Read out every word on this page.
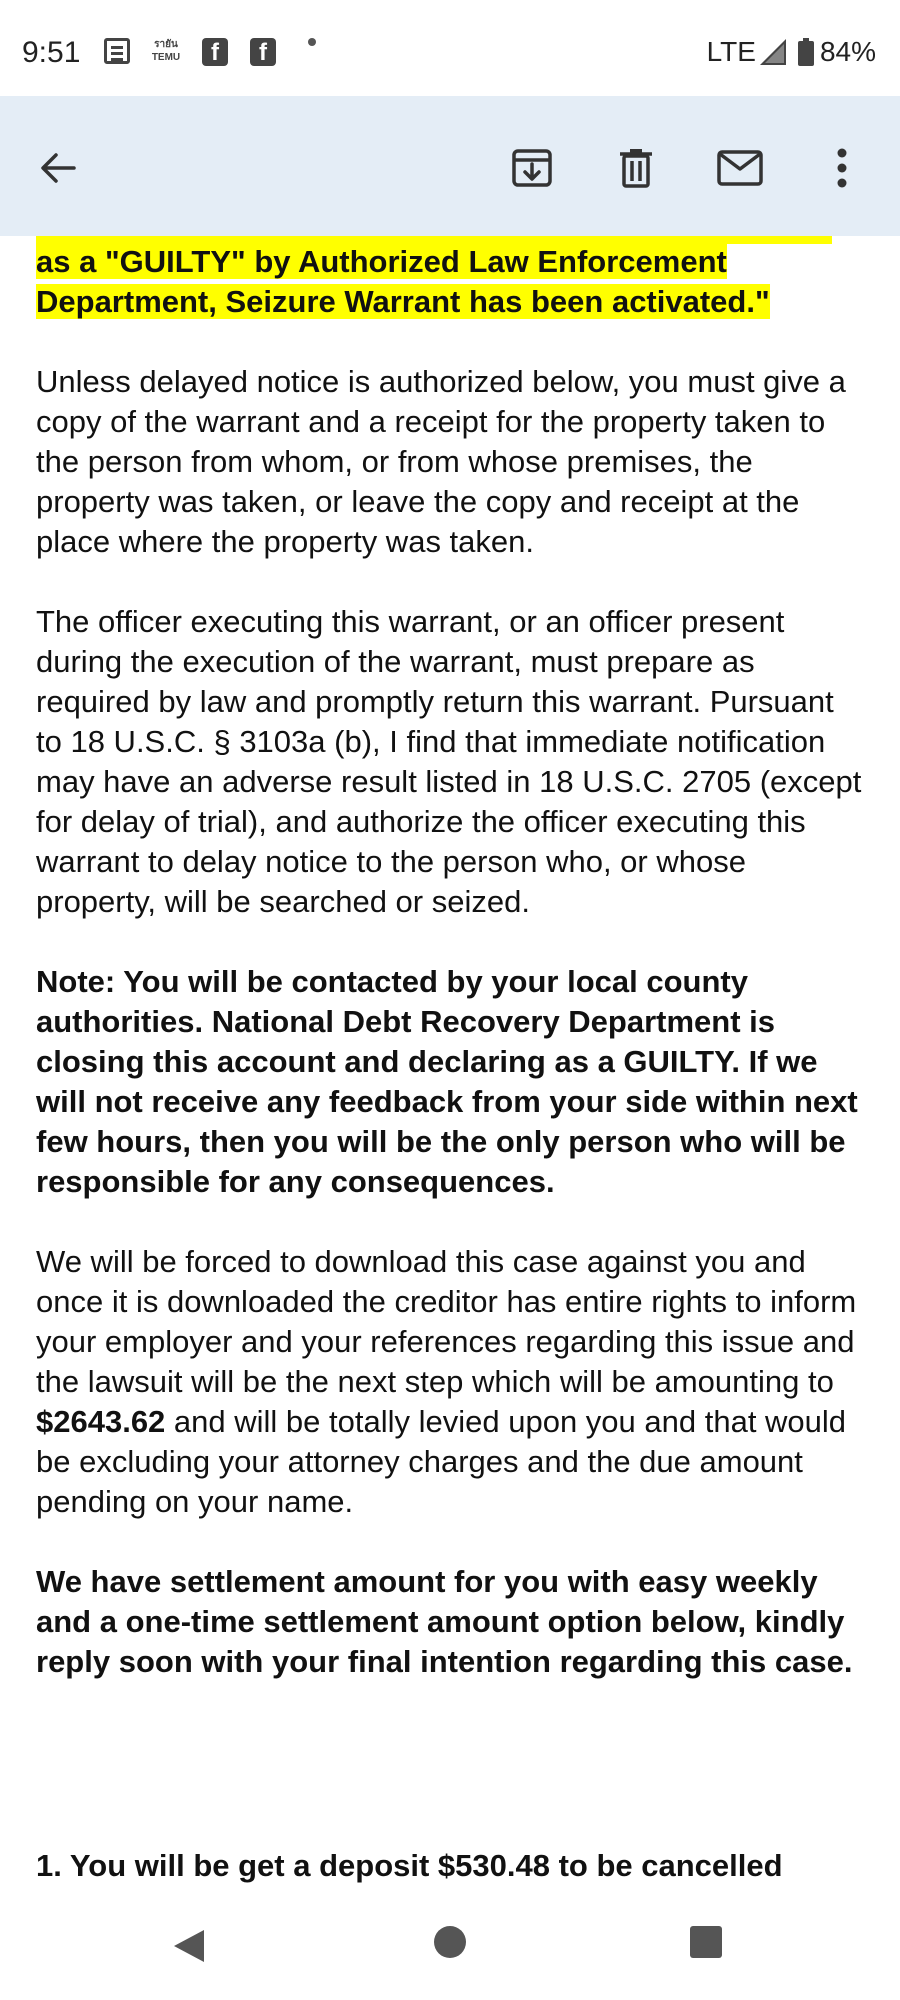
9:51	รายัน
TEMU	f	f	LTE 84%
as a "GUILTY" by Authorized Law Enforcement
Department, Seizure Warrant has been activated."

Unless delayed notice is authorized below, you must give a copy of the warrant and a receipt for the property taken to the person from whom, or from whose premises, the property was taken, or leave the copy and receipt at the place where the property was taken.

The officer executing this warrant, or an officer present during the execution of the warrant, must prepare as required by law and promptly return this warrant. Pursuant to 18 U.S.C. § 3103a (b), I find that immediate notification may have an adverse result listed in 18 U.S.C. 2705 (except for delay of trial), and authorize the officer executing this warrant to delay notice to the person who, or whose property, will be searched or seized.

Note: You will be contacted by your local county authorities. National Debt Recovery Department is closing this account and declaring as a GUILTY. If we will not receive any feedback from your side within next few hours, then you will be the only person who will be responsible for any consequences.

We will be forced to download this case against you and once it is downloaded the creditor has entire rights to inform your employer and your references regarding this issue and the lawsuit will be the next step which will be amounting to $2643.62 and will be totally levied upon you and that would be excluding your attorney charges and the due amount pending on your name.

We have settlement amount for you with easy weekly and a one-time settlement amount option below, kindly reply soon with your final intention regarding this case.

1. You will be get a deposit $530.48 to be cancelled
